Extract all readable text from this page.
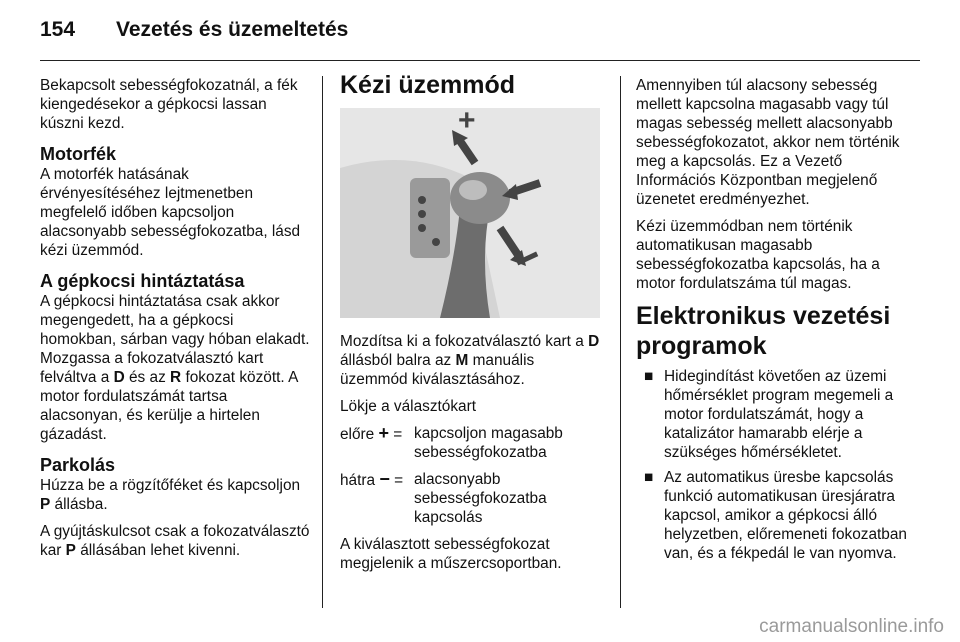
154 Vezetés és üzemeltetés

Bekapcsolt sebességfokozatnál, a fék kiengedésekor a gépkocsi lassan kúszni kezd.

Motorfék

A motorfék hatásának érvényesítéséhez lejtmenetben megfelelő időben kapcsoljon alacsonyabb sebességfokozatba, lásd kézi üzemmód.

A gépkocsi hintáztatása

A gépkocsi hintáztatása csak akkor megengedett, ha a gépkocsi homokban, sárban vagy hóban elakadt. Mozgassa a fokozatválasztó kart felváltva a D és az R fokozat között. A motor fordulatszámát tartsa alacsonyan, és kerülje a hirtelen gázadást.

Parkolás

Húzza be a rögzítőféket és kapcsoljon P állásba.

A gyújtáskulcsot csak a fokozatválasztó kar P állásában lehet kivenni.

Kézi üzemmód
+

Mozdítsa ki a fokozatválasztó kart a D állásból balra az M manuális üzemmód kiválasztásához.

Lökje a választókart

előre + = kapcsoljon magasabb sebességfokozatba
hátra − = alacsonyabb sebességfokozatba kapcsolás

A kiválasztott sebességfokozat megjelenik a műszercsoportban.

Amennyiben túl alacsony sebesség mellett kapcsolna magasabb vagy túl magas sebesség mellett alacsonyabb sebességfokozatot, akkor nem történik meg a kapcsolás. Ez a Vezető Információs Központban megjelenő üzenetet eredményezhet.

Kézi üzemmódban nem történik automatikusan magasabb sebességfokozatba kapcsolás, ha a motor fordulatszáma túl magas.

Elektronikus vezetési programok
■ Hidegindítást követően az üzemi hőmérséklet program megemeli a motor fordulatszámát, hogy a katalizátor hamarabb elérje a szükséges hőmérsékletet.
■ Az automatikus üresbe kapcsolás funkció automatikusan üresjáratra kapcsol, amikor a gépkocsi álló helyzetben, előremeneti fokozatban van, és a fékpedál le van nyomva.
carmanualsonline.info
